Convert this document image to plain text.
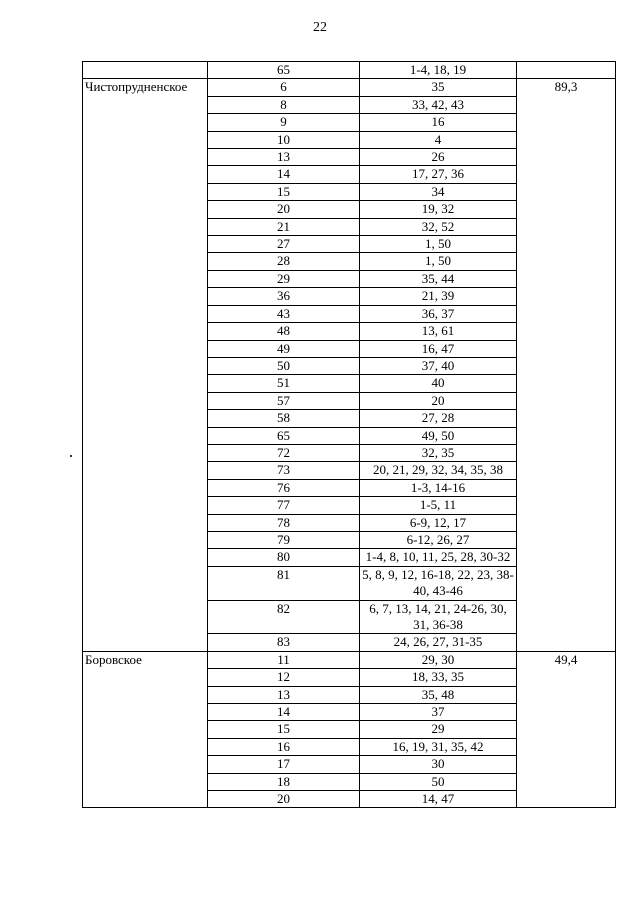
22
	65	1-4, 18, 19	
Чистопрудненское	6	35	89,3
	8	33, 42, 43	
	9	16	
	10	4	
	13	26	
	14	17, 27, 36	
	15	34	
	20	19, 32	
	21	32, 52	
	27	1, 50	
	28	1, 50	
	29	35, 44	
	36	21, 39	
	43	36, 37	
	48	13, 61	
	49	16, 47	
	50	37, 40	
	51	40	
	57	20	
	58	27, 28	
	65	49, 50	
	72	32, 35	
	73	20, 21, 29, 32, 34, 35, 38	
	76	1-3, 14-16	
	77	1-5, 11	
	78	6-9, 12, 17	
	79	6-12, 26, 27	
	80	1-4, 8, 10, 11, 25, 28, 30-32	
	81	5, 8, 9, 12, 16-18, 22, 23, 38-40, 43-46	
	82	6, 7, 13, 14, 21, 24-26, 30, 31, 36-38	
	83	24, 26, 27, 31-35	
Боровское	11	29, 30	49,4
	12	18, 33, 35	
	13	35, 48	
	14	37	
	15	29	
	16	16, 19, 31, 35, 42	
	17	30	
	18	50	
	20	14, 47	
